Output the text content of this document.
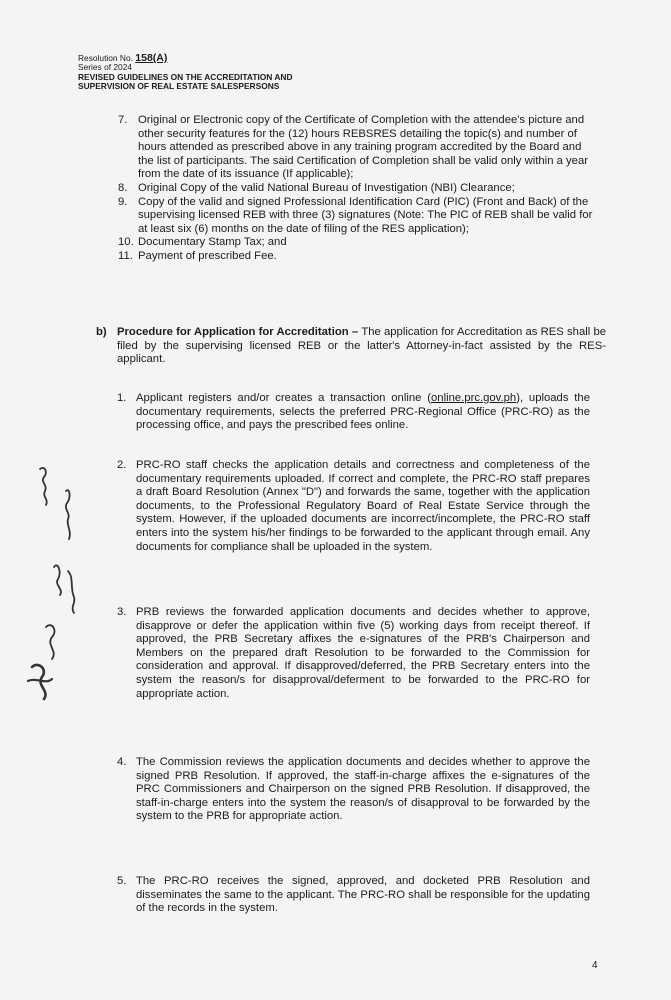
Resolution No. 158(A)
Series of 2024
REVISED GUIDELINES ON THE ACCREDITATION AND
SUPERVISION OF REAL ESTATE SALESPERSONS
7. Original or Electronic copy of the Certificate of Completion with the attendee's picture and other security features for the (12) hours REBSRES detailing the topic(s) and number of hours attended as prescribed above in any training program accredited by the Board and the list of participants. The said Certification of Completion shall be valid only within a year from the date of its issuance (If applicable);
8. Original Copy of the valid National Bureau of Investigation (NBI) Clearance;
9. Copy of the valid and signed Professional Identification Card (PIC) (Front and Back) of the supervising licensed REB with three (3) signatures (Note: The PIC of REB shall be valid for at least six (6) months on the date of filing of the RES application);
10. Documentary Stamp Tax; and
11. Payment of prescribed Fee.
b) Procedure for Application for Accreditation – The application for Accreditation as RES shall be filed by the supervising licensed REB or the latter's Attorney-in-fact assisted by the RES-applicant.
1. Applicant registers and/or creates a transaction online (online.prc.gov.ph), uploads the documentary requirements, selects the preferred PRC-Regional Office (PRC-RO) as the processing office, and pays the prescribed fees online.
2. PRC-RO staff checks the application details and correctness and completeness of the documentary requirements uploaded. If correct and complete, the PRC-RO staff prepares a draft Board Resolution (Annex "D") and forwards the same, together with the application documents, to the Professional Regulatory Board of Real Estate Service through the system. However, if the uploaded documents are incorrect/incomplete, the PRC-RO staff enters into the system his/her findings to be forwarded to the applicant through email. Any documents for compliance shall be uploaded in the system.
3. PRB reviews the forwarded application documents and decides whether to approve, disapprove or defer the application within five (5) working days from receipt thereof. If approved, the PRB Secretary affixes the e-signatures of the PRB's Chairperson and Members on the prepared draft Resolution to be forwarded to the Commission for consideration and approval. If disapproved/deferred, the PRB Secretary enters into the system the reason/s for disapproval/deferment to be forwarded to the PRC-RO for appropriate action.
4. The Commission reviews the application documents and decides whether to approve the signed PRB Resolution. If approved, the staff-in-charge affixes the e-signatures of the PRC Commissioners and Chairperson on the signed PRB Resolution. If disapproved, the staff-in-charge enters into the system the reason/s of disapproval to be forwarded by the system to the PRB for appropriate action.
5. The PRC-RO receives the signed, approved, and docketed PRB Resolution and disseminates the same to the applicant. The PRC-RO shall be responsible for the updating of the records in the system.
4
